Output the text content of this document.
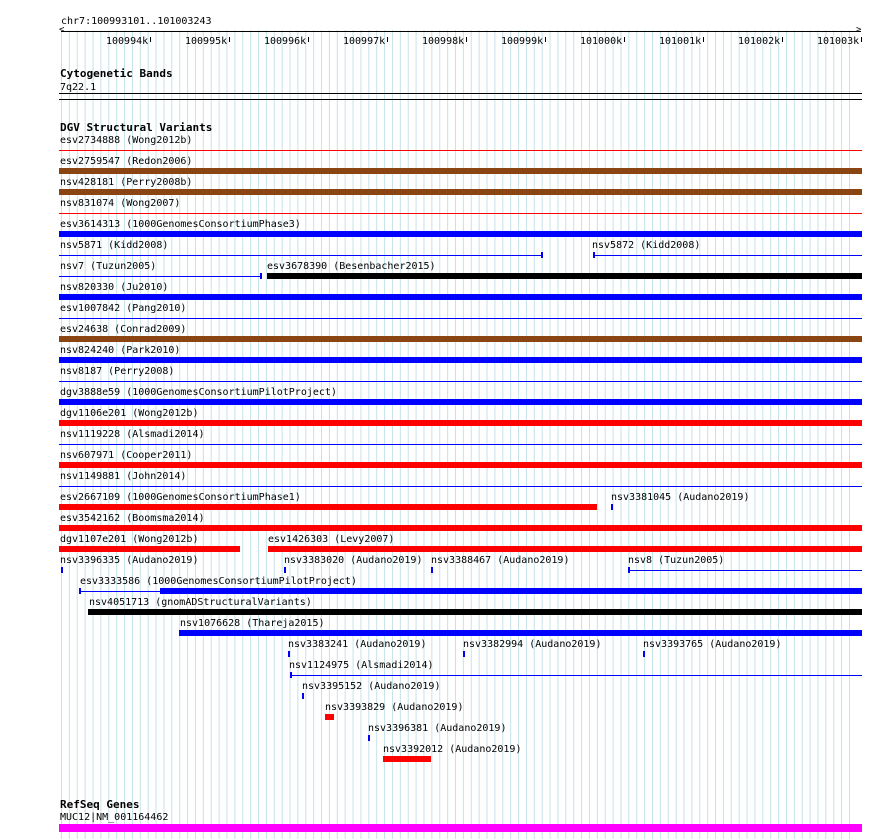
chr7:100993101..101003243
<	>
100994k	100995k	100996k	100997k	100998k	100999k	101000k	101001k	101002k	101003k
Cytogenetic Bands
7q22.1
DGV Structural Variants
esv2734888 (Wong2012b)
esv2759547 (Redon2006)
nsv428181 (Perry2008b)
nsv831074 (Wong2007)
esv3614313 (1000GenomesConsortiumPhase3)
nsv5871 (Kidd2008)	nsv5872 (Kidd2008)
nsv7 (Tuzun2005)	esv3678390 (Besenbacher2015)
nsv820330 (Ju2010)
esv1007842 (Pang2010)
esv24638 (Conrad2009)
nsv824240 (Park2010)
nsv8187 (Perry2008)
dgv3888e59 (1000GenomesConsortiumPilotProject)
dgv1106e201 (Wong2012b)
nsv1119228 (Alsmadi2014)
nsv607971 (Cooper2011)
nsv1149881 (John2014)
esv2667109 (1000GenomesConsortiumPhase1)	nsv3381045 (Audano2019)
esv3542162 (Boomsma2014)
dgv1107e201 (Wong2012b)	esv1426303 (Levy2007)
nsv3396335 (Audano2019)	nsv3383020 (Audano2019) nsv3388467 (Audano2019)	nsv8 (Tuzun2005)
esv3333586 (1000GenomesConsortiumPilotProject)
nsv4051713 (gnomADStructuralVariants)
nsv1076628 (Thareja2015)
nsv3383241 (Audano2019)	nsv3382994 (Audano2019)	nsv3393765 (Audano2019)
nsv1124975 (Alsmadi2014)
nsv3395152 (Audano2019)
nsv3393829 (Audano2019)
nsv3396381 (Audano2019)
nsv3392012 (Audano2019)
RefSeq Genes
MUC12|NM_001164462
